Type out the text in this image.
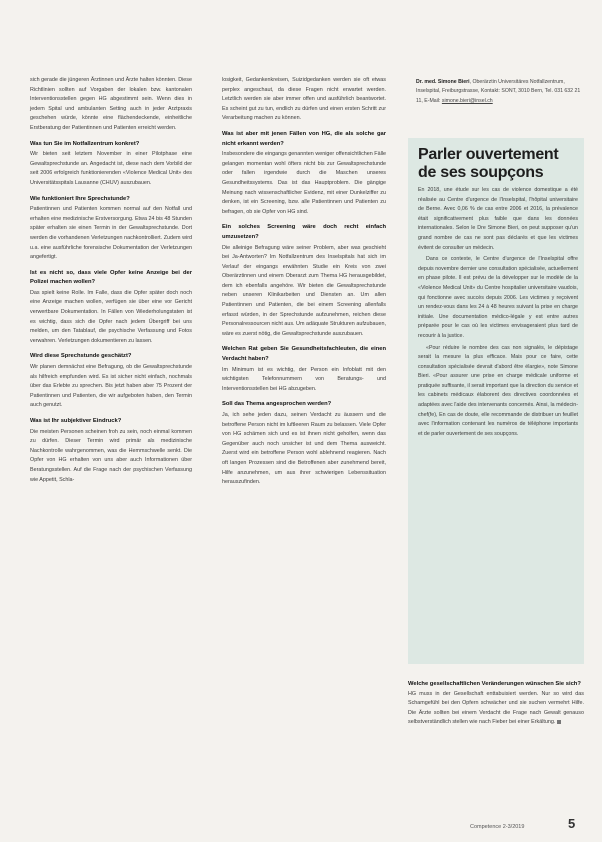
sich gerade die jüngeren Ärztinnen und Ärzte halten könnten. Diese Richtlinien sollten auf Vorgaben der lokalen bzw. kantonalen Interventionsstellen gegen HG abgestimmt sein. Wenn dies in jedem Spital und ambulanten Setting auch in jeder Arztpraxis geschehen würde, könnte eine flächendeckende, einheitliche Erstberatung der Patientinnen und Patienten erreicht werden.

Was tun Sie im Notfallzentrum konkret?

Wir bieten seit letztem November in einer Pilotphase eine Gewaltsprechstunde an. Angedacht ist, diese nach dem Vorbild der seit 2006 erfolgreich funktionierenden «Violence Medical Unit» des Universitätsspitals Lausanne (CHUV) auszubauen.

Wie funktioniert Ihre Sprechstunde?

Patientinnen und Patienten kommen normal auf den Notfall und erhalten eine medizinische Erstversorgung. Etwa 24 bis 48 Stunden später erhalten sie einen Termin in der Gewaltsprechstunde. Dort werden die vorhandenen Verletzungen nachkontrolliert. Zudem wird u.a. eine ausführliche forensische Dokumentation der Verletzungen angefertigt.

Ist es nicht so, dass viele Opfer keine Anzeige bei der Polizei machen wollen?

Das spielt keine Rolle. Im Falle, dass die Opfer später doch noch eine Anzeige machen wollen, verfügen sie über eine vor Gericht verwertbare Dokumentation. In Fällen von Wiederholungstaten ist es wichtig, dass sich die Opfer nach jedem Übergriff bei uns melden, um den Tatablauf, die psychische Verfassung und Fotos verwahren. Verletzungen dokumentieren zu lassen.

Wird diese Sprechstunde geschätzt?

Wir planen demnächst eine Befragung, ob die Gewaltsprechstunde als hilfreich empfunden wird. Es ist sicher nicht einfach, nochmals über das Erlebte zu sprechen. Bis jetzt haben aber 75 Prozent der Patientinnen und Patienten, die wir aufgeboten haben, den Termin auch genutzt.

Was ist Ihr subjektiver Eindruck?

Die meisten Personen scheinen froh zu sein, noch einmal kommen zu dürfen. Dieser Termin wird primär als medizinische Nachkontrolle wahrgenommen, was die Hemmschwelle senkt. Die Opfer von HG erhalten von uns aber auch Informationen über Beratungsstellen. Auf die Frage nach der psychischen Verfassung wie Appetit, Schla-

losigkeit, Gedankenkreisen, Suizidgedanken werden sie oft etwas perplex angeschaut, da diese Fragen nicht erwartet werden. Letztlich werden sie aber immer offen und ausführlich beantwortet. Es scheint gut zu tun, endlich zu dürfen und einen ersten Schritt zur Verarbeitung machen zu können.

Was ist aber mit jenen Fällen von HG, die als solche gar nicht erkannt werden?

Insbesondere die eingangs genannten weniger offensichtlichen Fälle gelangen momentan wohl öfters nicht bis zur Gewaltsprechstunde oder fallen irgendwie durch die Maschen unseres Gesundheitssystems. Das ist das Hauptproblem. Die gängige Meinung nach wissenschaftlicher Evidenz, mit einer Dunkelziffer zu denken, ist ein Screening, bzw. alle Patientinnen und Patienten zu befragen, ob sie Opfer von HG sind.

Ein solches Screening wäre doch recht einfach umzusetzen?

Die alleinige Befragung wäre seiner Problem, aber was geschieht bei Ja-Antworten? Im Notfallzentrum des Inselspitals hat sich im Verlauf der eingangs erwähnten Studie ein Kreis von zwei Oberärztinnen und einem Oberarzt zum Thema HG herausgebildet, dem ich ebenfalls angehöre. Wir bieten die Gewaltsprechstunde neben unseren Klinikarbeiten und Diensten an. Um allen Patientinnen und Patienten, die bei einem Screening allenfalls erfasst würden, in der Sprechstunde aufzunehmen, reichen diese Personalressourcen nicht aus. Um adäquate Strukturen aufzubauen, wäre es zuerst nötig, die Gewaltsprechstunde auszubauen.

Welchen Rat geben Sie Gesundheitsfachleuten, die einen Verdacht haben?

Im Minimum ist es wichtig, der Person ein Infoblatt mit den wichtigsten Telefonnummern von Beratungs- und Interventionsstellen bei HG abzugeben.

Soll das Thema angesprochen werden?

Ja, ich sehe jeden dazu, seinen Verdacht zu äussern und die betroffene Person nicht im luftleeren Raum zu belassen. Viele Opfer von HG schämen sich und es ist ihnen nicht geholfen, wenn das Gegenüber auch noch unsicher ist und dem Thema ausweicht. Zuerst wird ein betroffene Person wohl ablehnend reagieren. Nach oft langen Prozessen sind die Betroffenen aber zunehmend bereit, Hilfe anzunehmen, um aus ihrer schwierigen Lebenssituation herauszufinden.

Dr. med. Simone Bieri, Oberärztin Universitäres Notfallzentrum, Inselspital, Freiburgstrasse, Kontakt: SONT, 3010 Bern, Tel. 031 632 21 11, E-Mail: simone.bieri@insel.ch
Parler ouvertement de ses soupçons

En 2018, une étude sur les cas de violence domestique a été réalisée au Centre d'urgence de l'Inselspital, l'hôpital universitaire de Berne. Avec 0,06 % de cas entre 2006 et 2016, la prévalence était significativement plus faible que dans les données internationales. Selon le Dre Simone Bieri, on peut supposer qu'un grand nombre de cas ne sont pas déclarés et que les victimes évitent de consulter un médecin.

Dans ce contexte, le Centre d'urgence de l'Inselspital offre depuis novembre dernier une consultation spécialisée, actuellement en phase pilote. Il est prévu de la développer sur le modèle de la «Violence Medical Unit» du Centre hospitalier universitaire vaudois, qui fonctionne avec succès depuis 2006. Les victimes y reçoivent un rendez-vous dans les 24 à 48 heures suivant la prise en charge initiale. Une documentation médico-légale y est entre autres préparée pour le cas où les victimes envisageraient plus tard de recourir à la justice.

«Pour réduire le nombre des cas non signalés, le dépistage serait la mesure la plus efficace. Mais pour ce faire, cette consultation spécialisée devrait d'abord être élargie», note Simone Bieri. «Pour assurer une prise en charge médicale uniforme et pratiquée suffisante, il serait important que la direction du service et les cabinets médicaux élaborent des directives coordonnées et adaptées avec l'aide des intervenants concernés. Ainsi, la médecin-chef(fe), En cas de doute, elle recommande de distribuer un feuillet avec l'information contenant les numéros de téléphone importants et de parler ouvertement de ses soupçons.

Welche gesellschaftlichen Veränderungen wünschen Sie sich?

HG muss in der Gesellschaft enttabuisiert werden. Nur so wird das Schamgefühl bei den Opfern schwächer und sie suchen vermehrt Hilfe. Die Ärzte sollten bei einem Verdacht die Frage nach Gewalt genauso selbstverständlich stellen wie nach Fieber bei einer Erkältung.

Competence 2-3/2019	5
